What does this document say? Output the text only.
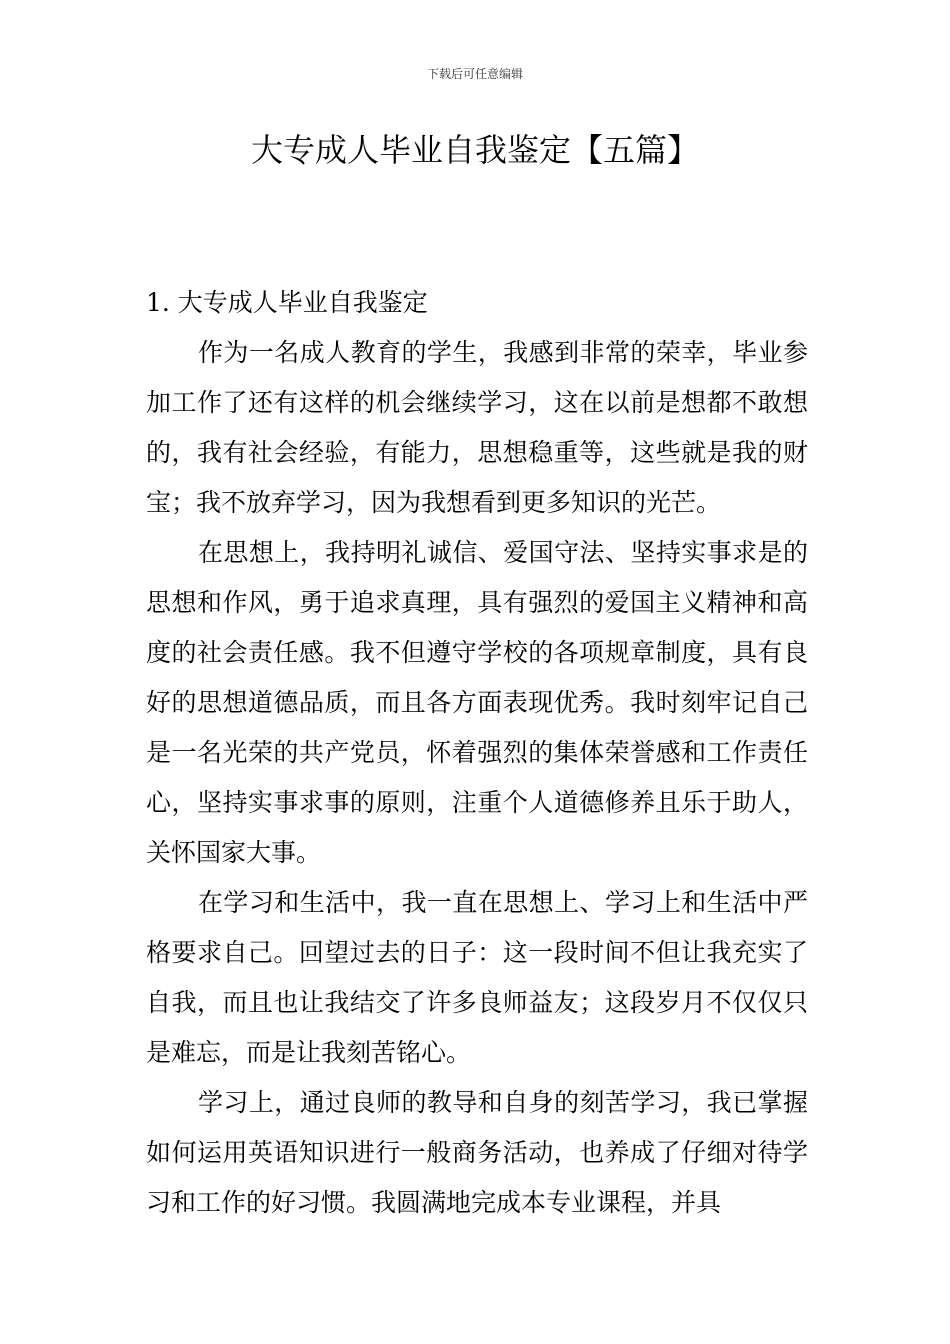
下载后可任意编辑
大专成人毕业自我鉴定【五篇】
1. 大专成人毕业自我鉴定

作为一名成人教育的学生，我感到非常的荣幸，毕业参加工作了还有这样的机会继续学习，这在以前是想都不敢想的，我有社会经验，有能力，思想稳重等，这些就是我的财宝；我不放弃学习，因为我想看到更多知识的光芒。

在思想上，我持明礼诚信、爱国守法、坚持实事求是的思想和作风，勇于追求真理，具有强烈的爱国主义精神和高度的社会责任感。我不但遵守学校的各项规章制度，具有良好的思想道德品质，而且各方面表现优秀。我时刻牢记自己是一名光荣的共产党员，怀着强烈的集体荣誉感和工作责任心，坚持实事求事的原则，注重个人道德修养且乐于助人，关怀国家大事。

在学习和生活中，我一直在思想上、学习上和生活中严格要求自己。回望过去的日子：这一段时间不但让我充实了自我，而且也让我结交了许多良师益友；这段岁月不仅仅只是难忘，而是让我刻苦铭心。

学习上，通过良师的教导和自身的刻苦学习，我已掌握如何运用英语知识进行一般商务活动，也养成了仔细对待学习和工作的好习惯。我圆满地完成本专业课程，并具
